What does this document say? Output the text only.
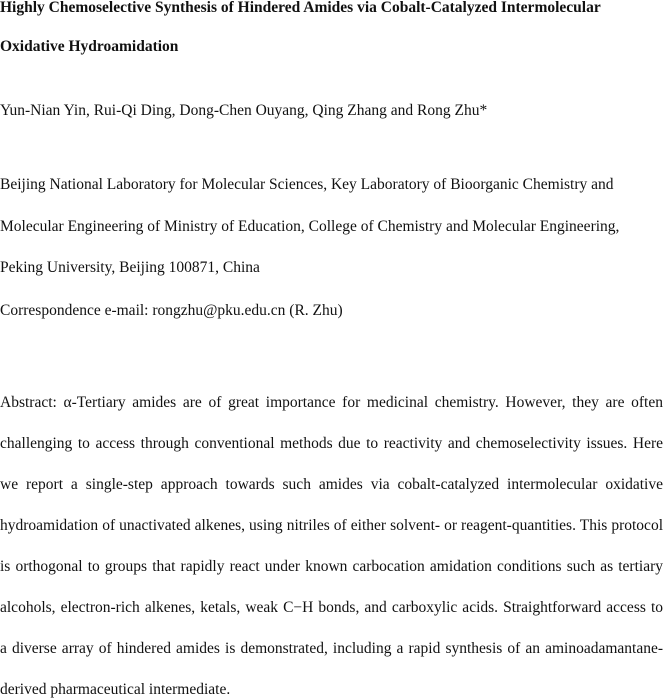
Highly Chemoselective Synthesis of Hindered Amides via Cobalt-Catalyzed Intermolecular
Oxidative Hydroamidation
Yun-Nian Yin, Rui-Qi Ding, Dong-Chen Ouyang, Qing Zhang and Rong Zhu*
Beijing National Laboratory for Molecular Sciences, Key Laboratory of Bioorganic Chemistry and
Molecular Engineering of Ministry of Education, College of Chemistry and Molecular Engineering,
Peking University, Beijing 100871, China
Correspondence e-mail: rongzhu@pku.edu.cn (R. Zhu)
Abstract: α-Tertiary amides are of great importance for medicinal chemistry. However, they are often
challenging to access through conventional methods due to reactivity and chemoselectivity issues. Here
we report a single-step approach towards such amides via cobalt-catalyzed intermolecular oxidative
hydroamidation of unactivated alkenes, using nitriles of either solvent- or reagent-quantities. This protocol
is orthogonal to groups that rapidly react under known carbocation amidation conditions such as tertiary
alcohols, electron-rich alkenes, ketals, weak C−H bonds, and carboxylic acids. Straightforward access to
a diverse array of hindered amides is demonstrated, including a rapid synthesis of an aminoadamantane-
derived pharmaceutical intermediate.
